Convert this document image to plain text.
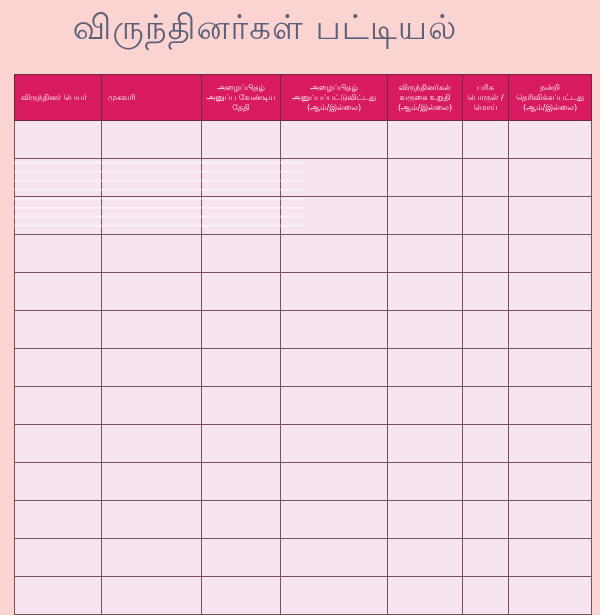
விருந்தினர்கள் பட்டியல்
விருந்தினர் பெயர்	முகவரி	அழைப்பிதழ் அனுப்ப வேண்டிய தேதி	அழைப்பிதழ் அனுப்பப்பட்டுவிட்டது (ஆம்/இல்லை)	விருந்தினர்கள் வருகை உறுதி (ஆம்/இல்லை)	பரிசு பொருள் / மொய்	நன்றி தெரிவிக்கப்பட்டது (ஆம்/இல்லை)
